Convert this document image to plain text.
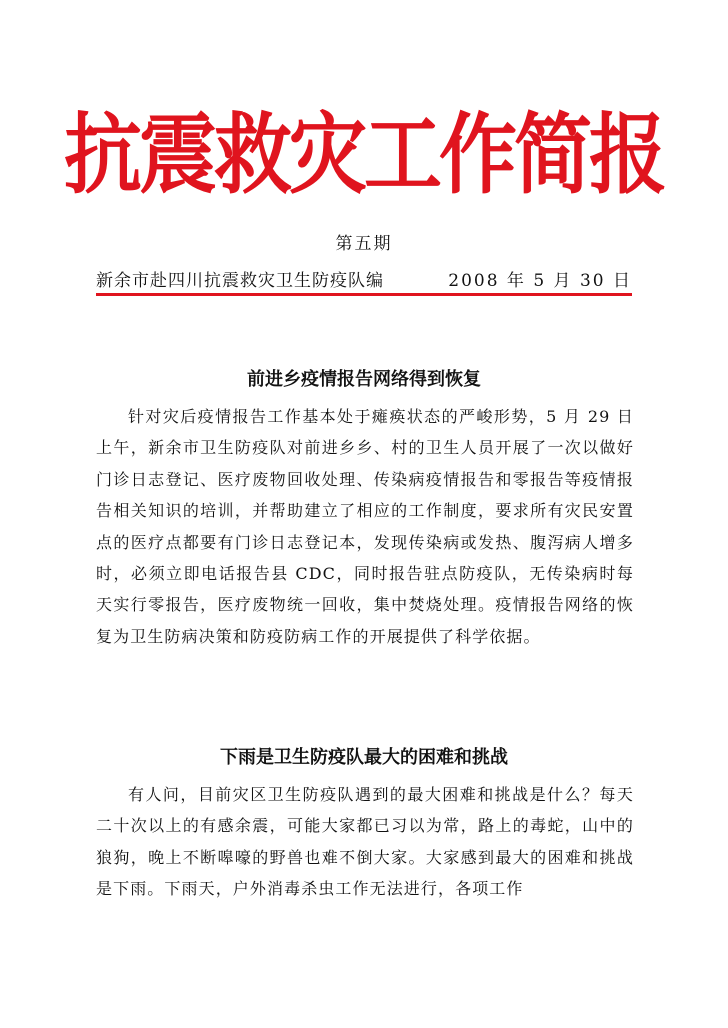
抗震救灾工作简报
第五期
新余市赴四川抗震救灾卫生防疫队编	2008 年 5 月 30 日
前进乡疫情报告网络得到恢复

针对灾后疫情报告工作基本处于瘫痪状态的严峻形势，5 月 29 日上午，新余市卫生防疫队对前进乡乡、村的卫生人员开展了一次以做好门诊日志登记、医疗废物回收处理、传染病疫情报告和零报告等疫情报告相关知识的培训，并帮助建立了相应的工作制度，要求所有灾民安置点的医疗点都要有门诊日志登记本，发现传染病或发热、腹泻病人增多时，必须立即电话报告县 CDC，同时报告驻点防疫队，无传染病时每天实行零报告，医疗废物统一回收，集中焚烧处理。疫情报告网络的恢复为卫生防病决策和防疫防病工作的开展提供了科学依据。

下雨是卫生防疫队最大的困难和挑战

有人问，目前灾区卫生防疫队遇到的最大困难和挑战是什么？每天二十次以上的有感余震，可能大家都已习以为常，路上的毒蛇，山中的狼狗，晚上不断嗥嚎的野兽也难不倒大家。大家感到最大的困难和挑战是下雨。下雨天，户外消毒杀虫工作无法进行，各项工作
